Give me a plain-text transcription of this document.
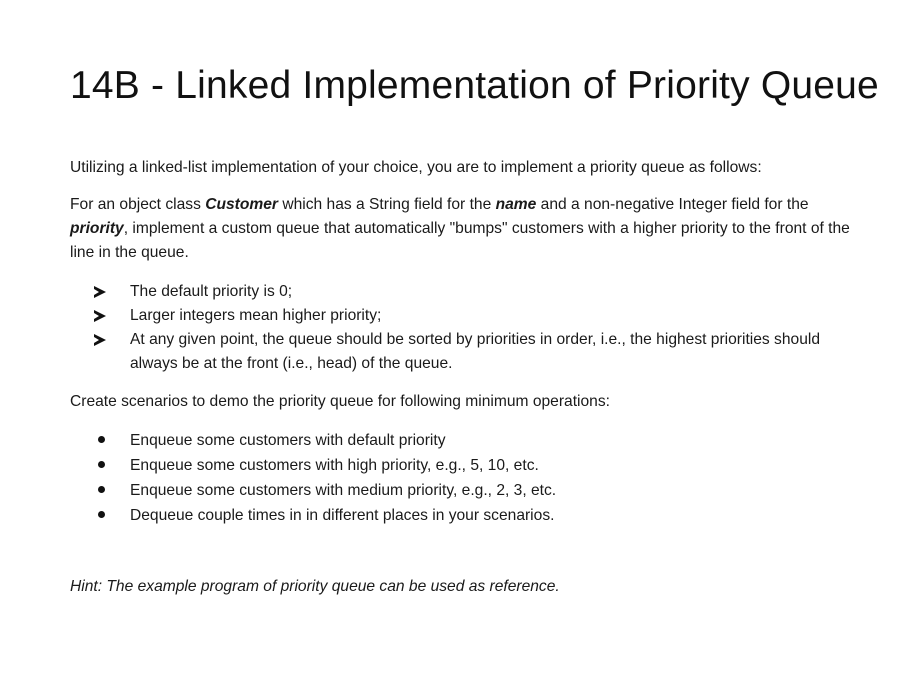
14B - Linked Implementation of Priority Queue
Utilizing a linked-list implementation of your choice, you are to implement a priority queue as follows:
For an object class Customer which has a String field for the name and a non-negative Integer field for the priority, implement a custom queue that automatically "bumps" customers with a higher priority to the front of the line in the queue.
The default priority is 0;
Larger integers mean higher priority;
At any given point, the queue should be sorted by priorities in order, i.e., the highest priorities should always be at the front (i.e., head) of the queue.
Create scenarios to demo the priority queue for following minimum operations:
Enqueue some customers with default priority
Enqueue some customers with high priority, e.g., 5, 10, etc.
Enqueue some customers with medium priority, e.g., 2, 3, etc.
Dequeue couple times in in different places in your scenarios.
Hint: The example program of priority queue can be used as reference.
